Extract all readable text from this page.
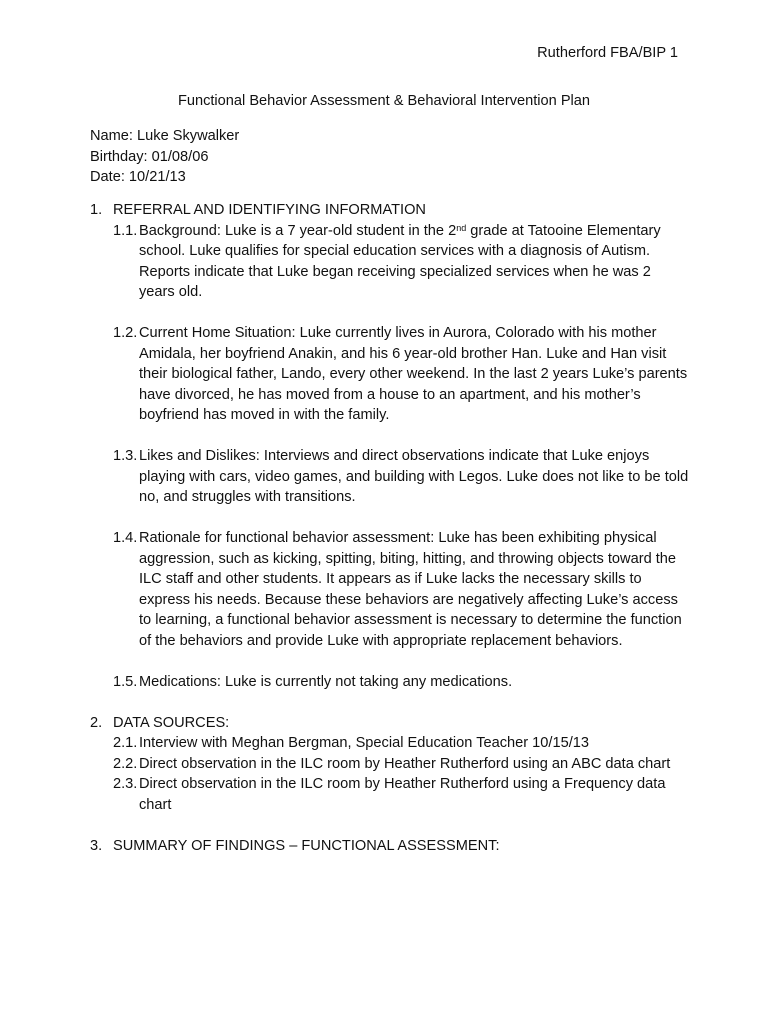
Rutherford FBA/BIP 1
Functional Behavior Assessment & Behavioral Intervention Plan
Name: Luke Skywalker
Birthday: 01/08/06
Date: 10/21/13
1. REFERRAL AND IDENTIFYING INFORMATION
1.1. Background: Luke is a 7 year-old student in the 2nd grade at Tatooine Elementary school. Luke qualifies for special education services with a diagnosis of Autism. Reports indicate that Luke began receiving specialized services when he was 2 years old.
1.2. Current Home Situation: Luke currently lives in Aurora, Colorado with his mother Amidala, her boyfriend Anakin, and his 6 year-old brother Han. Luke and Han visit their biological father, Lando, every other weekend. In the last 2 years Luke’s parents have divorced, he has moved from a house to an apartment, and his mother’s boyfriend has moved in with the family.
1.3. Likes and Dislikes: Interviews and direct observations indicate that Luke enjoys playing with cars, video games, and building with Legos. Luke does not like to be told no, and struggles with transitions.
1.4. Rationale for functional behavior assessment: Luke has been exhibiting physical aggression, such as kicking, spitting, biting, hitting, and throwing objects toward the ILC staff and other students. It appears as if Luke lacks the necessary skills to express his needs. Because these behaviors are negatively affecting Luke’s access to learning, a functional behavior assessment is necessary to determine the function of the behaviors and provide Luke with appropriate replacement behaviors.
1.5. Medications: Luke is currently not taking any medications.
2. DATA SOURCES:
2.1. Interview with Meghan Bergman, Special Education Teacher 10/15/13
2.2. Direct observation in the ILC room by Heather Rutherford using an ABC data chart
2.3. Direct observation in the ILC room by Heather Rutherford using a Frequency data chart
3. SUMMARY OF FINDINGS – FUNCTIONAL ASSESSMENT:
